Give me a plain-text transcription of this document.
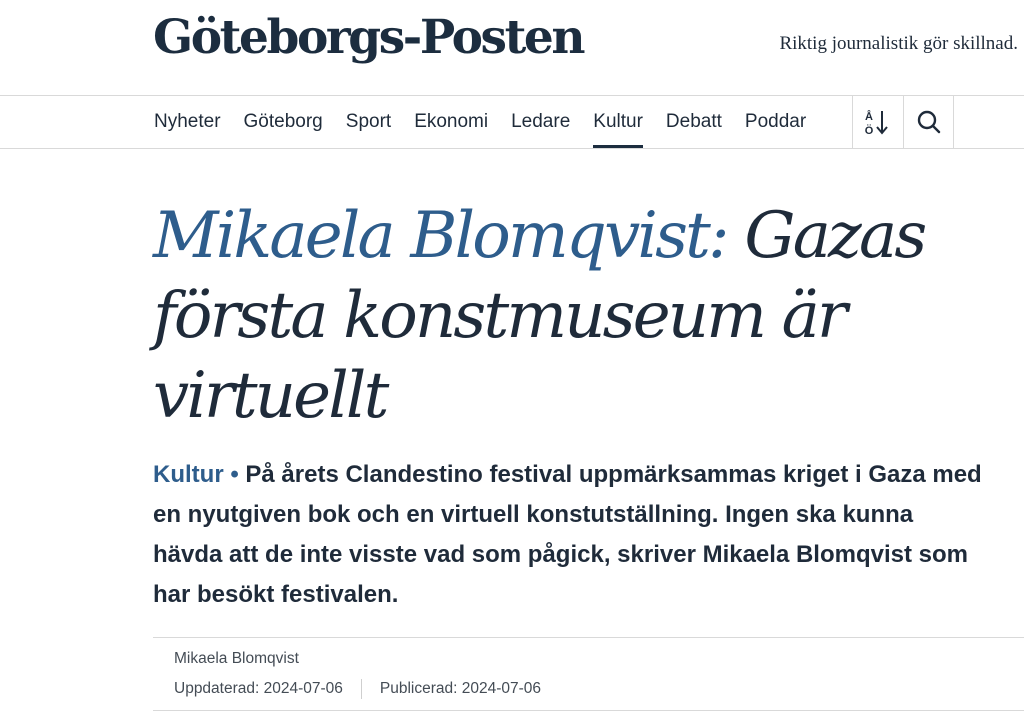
Göteborgs-Posten	Riktig journalistik gör skillnad.
Nyheter Göteborg Sport Ekonomi Ledare Kultur Debatt Poddar	Å
Ö
Mikaela Blomqvist: Gazas första konstmuseum är virtuellt

Kultur • På årets Clandestino festival uppmärksammas kriget i Gaza med en nyutgiven bok och en virtuell konstutställning. Ingen ska kunna hävda att de inte visste vad som pågick, skriver Mikaela Blomqvist som har besökt festivalen.

Mikaela Blomqvist
Uppdaterad: 2024-07-06 Publicerad: 2024-07-06
